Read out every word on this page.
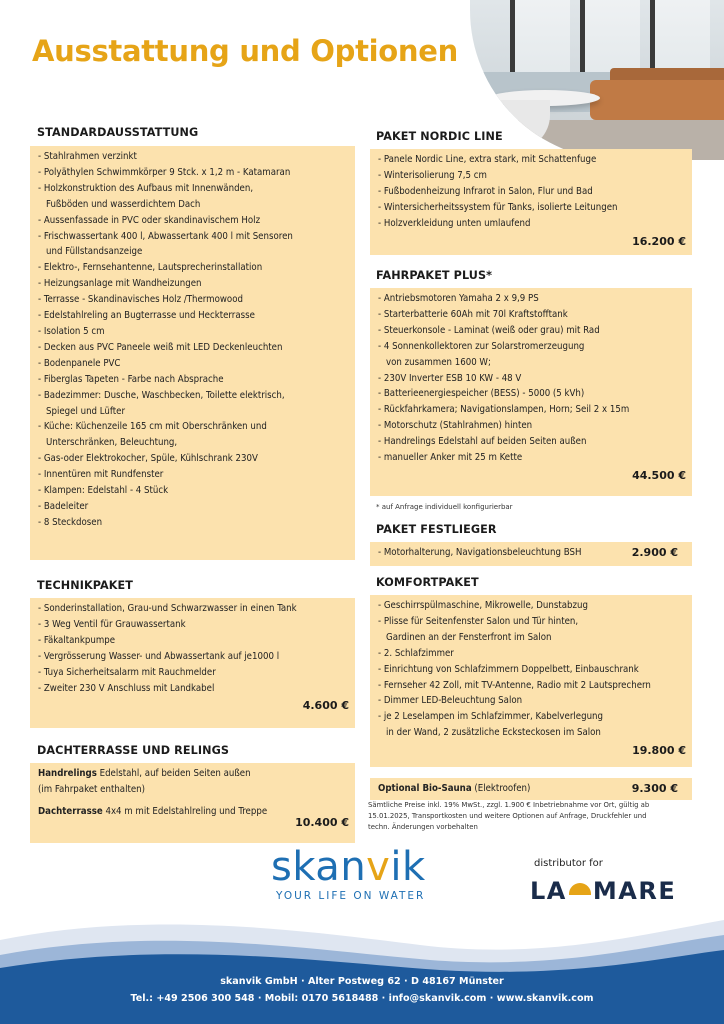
Ausstattung und Optionen
STANDARDAUSSTATTUNG
- Stahlrahmen verzinkt
- Polyäthylen Schwimmkörper 9 Stck. x 1,2 m - Katamaran
- Holzkonstruktion des Aufbaus mit Innenwänden,
Fußböden und wasserdichtem Dach
- Aussenfassade in PVC oder skandinavischem Holz
- Frischwassertank 400 l, Abwassertank 400 l mit Sensoren
und Füllstandsanzeige
- Elektro-, Fernsehantenne, Lautsprecherinstallation
- Heizungsanlage mit Wandheizungen
- Terrasse - Skandinavisches Holz /Thermowood
- Edelstahlreling an Bugterrasse und Heckterrasse
- Isolation 5 cm
- Decken aus PVC Paneele weiß mit LED Deckenleuchten
- Bodenpanele PVC
- Fiberglas Tapeten - Farbe nach Absprache
- Badezimmer: Dusche, Waschbecken, Toilette elektrisch,
Spiegel und Lüfter
- Küche: Küchenzeile 165 cm mit Oberschränken und
Unterschränken, Beleuchtung,
- Gas-oder Elektrokocher, Spüle, Kühlschrank 230V
- Innentüren mit Rundfenster
- Klampen: Edelstahl - 4 Stück
- Badeleiter
- 8 Steckdosen
TECHNIKPAKET
- Sonderinstallation, Grau-und Schwarzwasser in einen Tank
- 3 Weg Ventil für Grauwassertank
- Fäkaltankpumpe
- Vergrösserung Wasser- und Abwassertank auf je1000 l
- Tuya Sicherheitsalarm mit Rauchmelder
- Zweiter 230 V Anschluss mit Landkabel
4.600 €
DACHTERRASSE UND RELINGS
Handrelings Edelstahl, auf beiden Seiten außen
(im Fahrpaket enthalten)
Dachterrasse 4x4 m mit Edelstahlreling und Treppe
10.400 €
PAKET NORDIC LINE
- Panele Nordic Line, extra stark, mit Schattenfuge
- Winterisolierung 7,5 cm
- Fußbodenheizung Infrarot in Salon, Flur und Bad
- Wintersicherheitssystem für Tanks, isolierte Leitungen
- Holzverkleidung unten umlaufend
16.200 €
FAHRPAKET PLUS*
- Antriebsmotoren Yamaha 2 x 9,9 PS
- Starterbatterie 60Ah mit 70l Kraftstofftank
- Steuerkonsole - Laminat (weiß oder grau) mit Rad
- 4 Sonnenkollektoren zur Solarstromerzeugung
von zusammen 1600 W;
- 230V Inverter ESB 10 KW - 48 V
- Batterieenergiespeicher (BESS) - 5000 (5 kVh)
- Rückfahrkamera; Navigationslampen, Horn; Seil 2 x 15m
- Motorschutz (Stahlrahmen) hinten
- Handrelings Edelstahl auf beiden Seiten außen
- manueller Anker mit 25 m Kette
44.500 €
* auf Anfrage individuell konfigurierbar
PAKET FESTLIEGER
- Motorhalterung, Navigationsbeleuchtung BSH	2.900 €
KOMFORTPAKET
- Geschirrspülmaschine, Mikrowelle, Dunstabzug
- Plisse für Seitenfenster Salon und Tür hinten,
Gardinen an der Fensterfront im Salon
- 2. Schlafzimmer
- Einrichtung von Schlafzimmern Doppelbett, Einbauschrank
- Fernseher 42 Zoll, mit TV-Antenne, Radio mit 2 Lautsprechern
- Dimmer LED-Beleuchtung Salon
- je 2 Leselampen im Schlafzimmer, Kabelverlegung
in der Wand, 2 zusätzliche Ecksteckosen im Salon
19.800 €
Optional Bio-Sauna (Elektroofen)	9.300 €
Sämtliche Preise inkl. 19% MwSt., zzgl. 1.900 € Inbetriebnahme vor Ort, gültig ab
15.01.2025, Transportkosten und weitere Optionen auf Anfrage, Druckfehler und
techn. Änderungen vorbehalten
skanvik
YOUR LIFE ON WATER
distributor for
LA MARE
skanvik GmbH · Alter Postweg 62 · D 48167 Münster
Tel.: +49 2506 300 548 · Mobil: 0170 5618488 · info@skanvik.com · www.skanvik.com
